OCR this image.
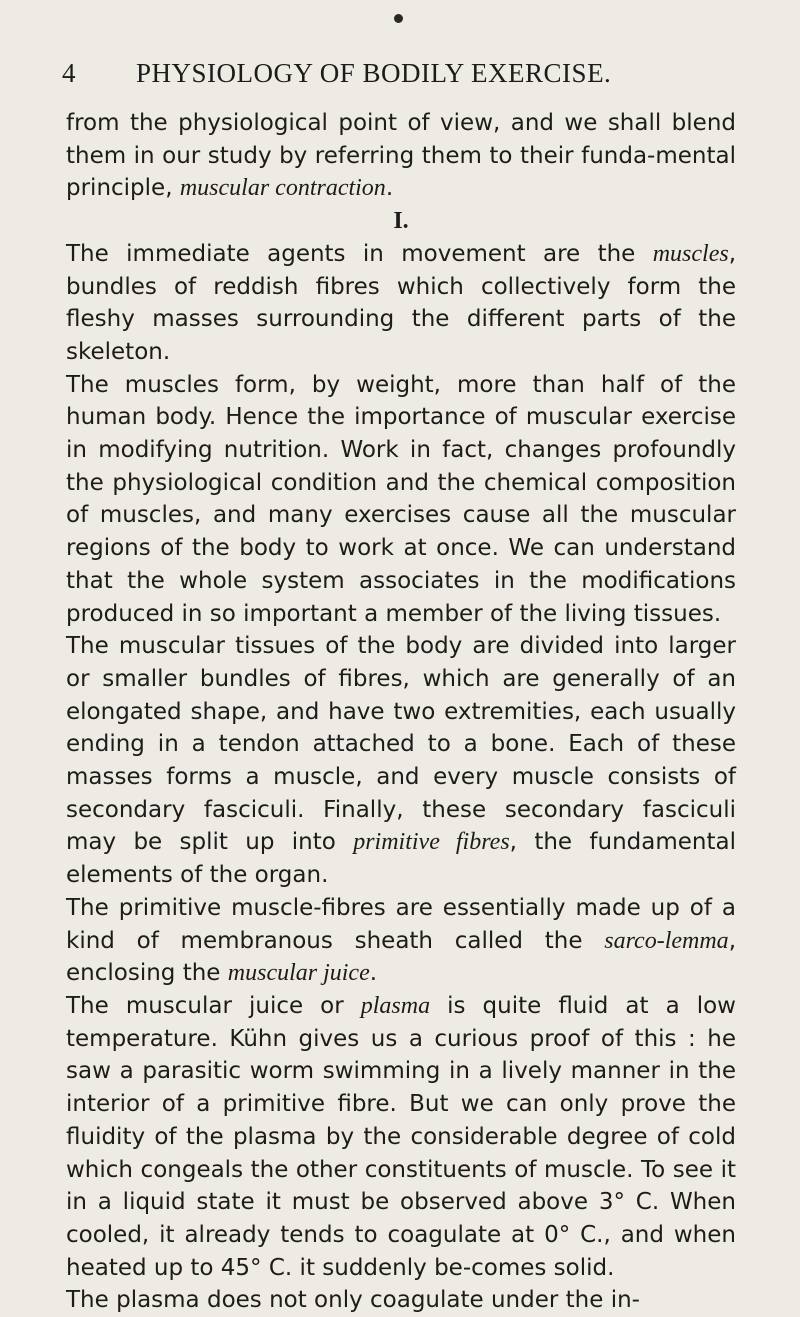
4 PHYSIOLOGY OF BODILY EXERCISE.

from the physiological point of view, and we shall blend them in our study by referring them to their funda-mental principle, muscular contraction.

I.

The immediate agents in movement are the muscles, bundles of reddish fibres which collectively form the fleshy masses surrounding the different parts of the skeleton.

The muscles form, by weight, more than half of the human body. Hence the importance of muscular exercise in modifying nutrition. Work in fact, changes profoundly the physiological condition and the chemical composition of muscles, and many exercises cause all the muscular regions of the body to work at once. We can understand that the whole system associates in the modifications produced in so important a member of the living tissues.

The muscular tissues of the body are divided into larger or smaller bundles of fibres, which are generally of an elongated shape, and have two extremities, each usually ending in a tendon attached to a bone. Each of these masses forms a muscle, and every muscle consists of secondary fasciculi. Finally, these secondary fasciculi may be split up into primitive fibres, the fundamental elements of the organ.

The primitive muscle-fibres are essentially made up of a kind of membranous sheath called the sarco-lemma, enclosing the muscular juice.

The muscular juice or plasma is quite fluid at a low temperature. Kühn gives us a curious proof of this : he saw a parasitic worm swimming in a lively manner in the interior of a primitive fibre. But we can only prove the fluidity of the plasma by the considerable degree of cold which congeals the other constituents of muscle. To see it in a liquid state it must be observed above 3° C. When cooled, it already tends to coagulate at 0° C., and when heated up to 45° C. it suddenly be-comes solid.

The plasma does not only coagulate under the in-
